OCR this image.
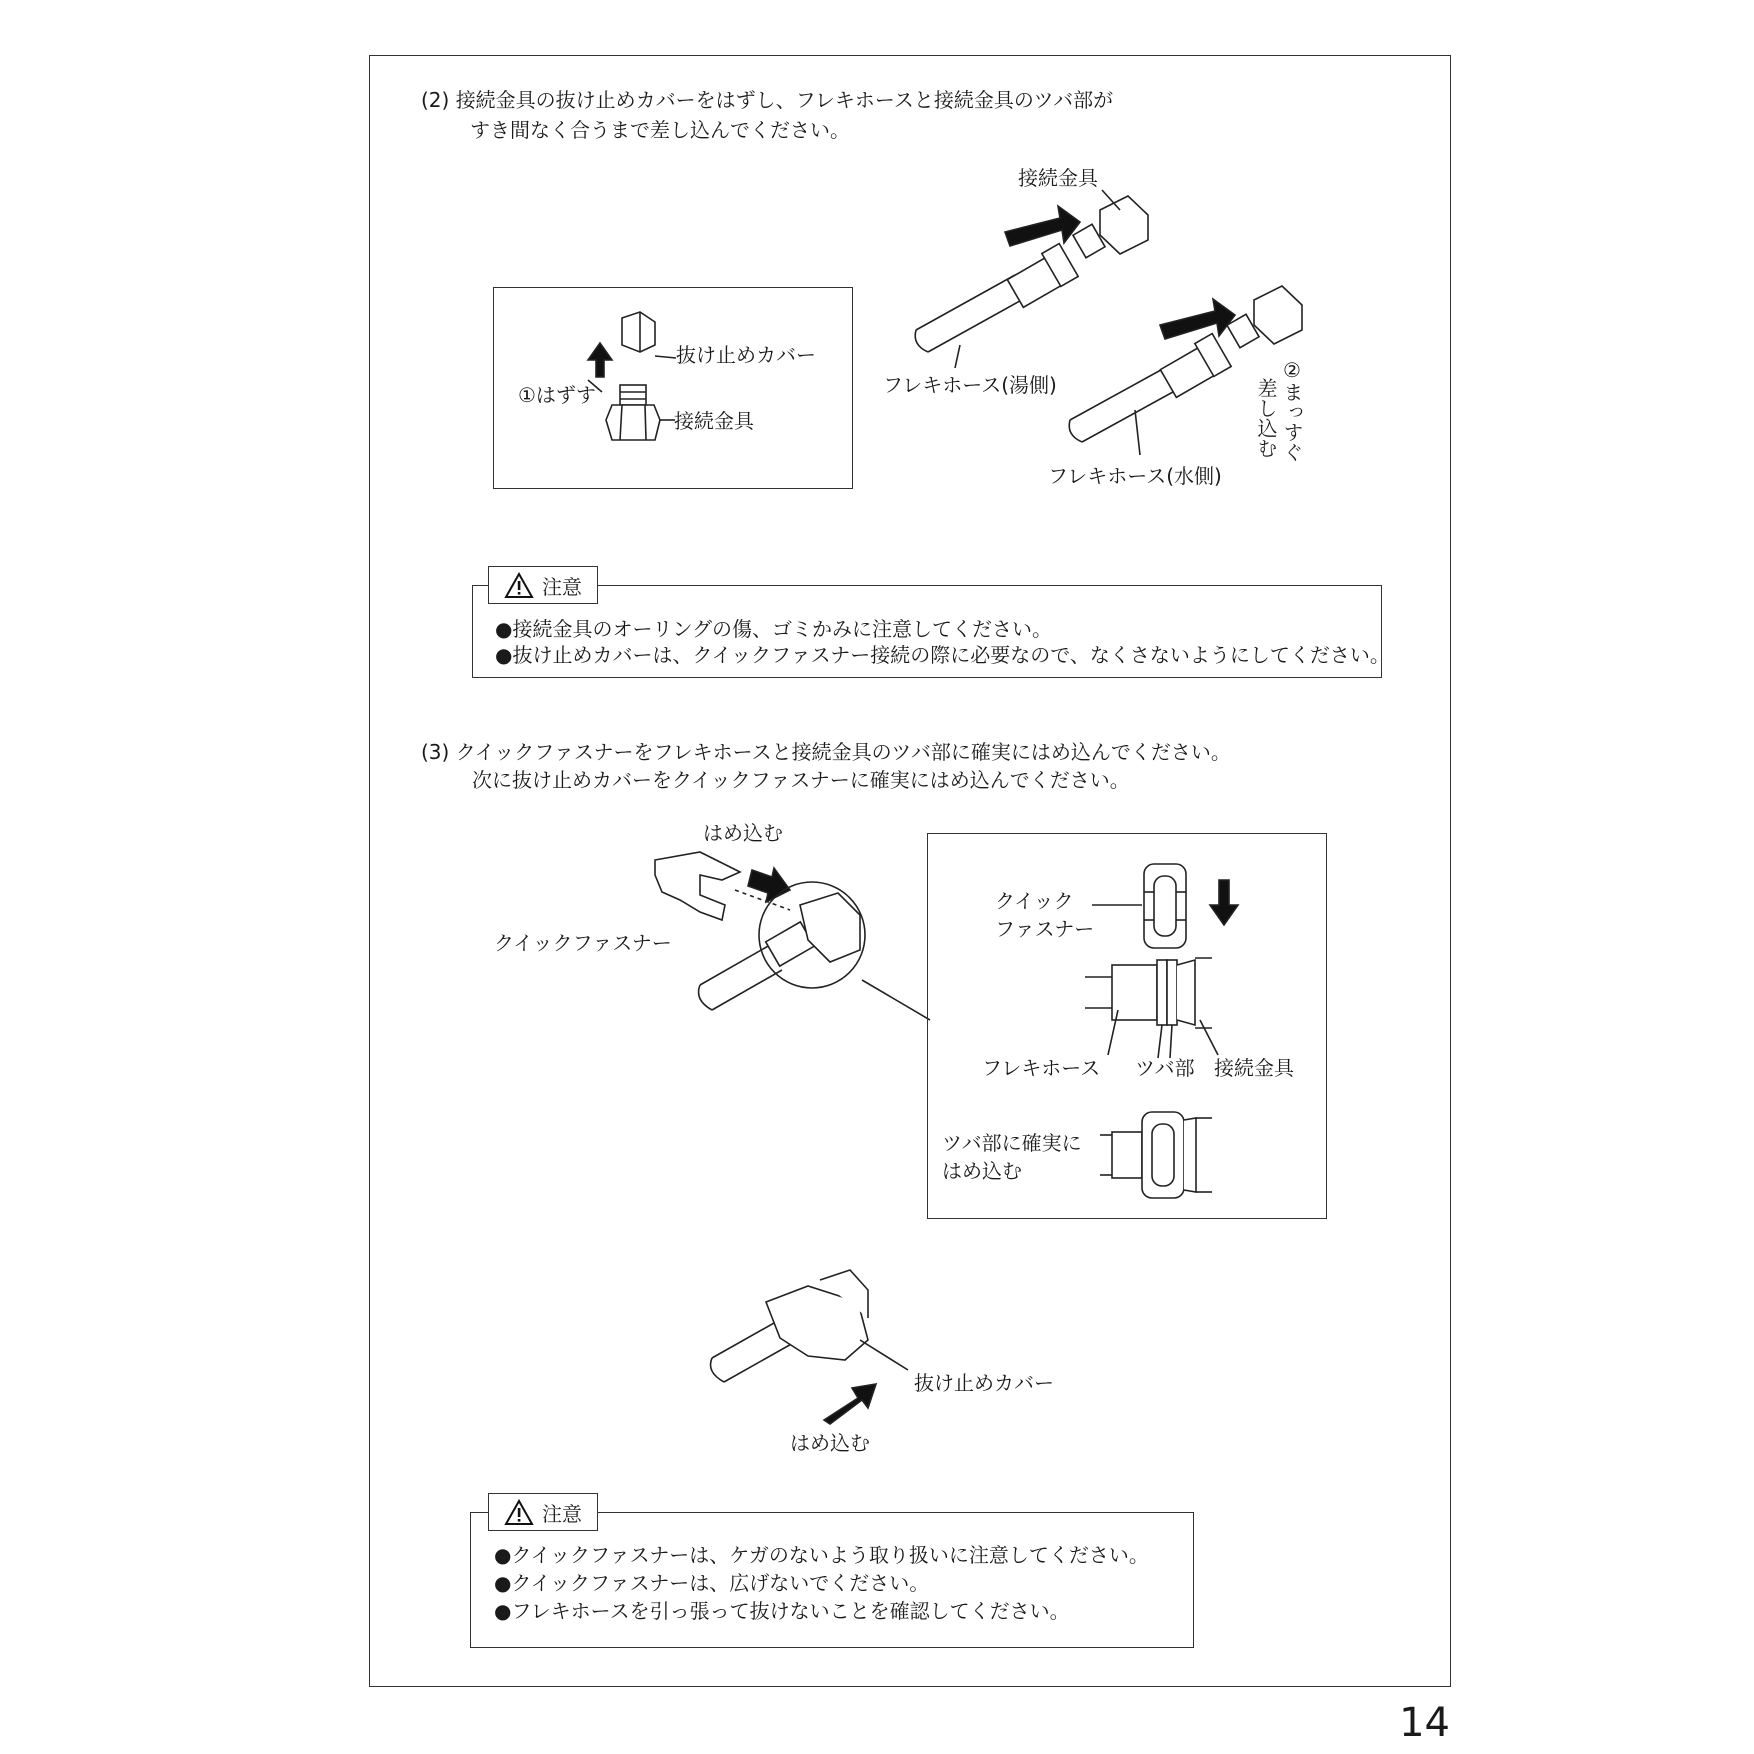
(2) 接続金具の抜け止めカバーをはずし、フレキホースと接続金具のツバ部が
すき間なく合うまで差し込んでください。
抜け止めカバー
①はずす
接続金具
接続金具
フレキホース(湯側)
フレキホース(水側)
②まっすぐ
差し込む
注意
●接続金具のオーリングの傷、ゴミかみに注意してください。
●抜け止めカバーは、クイックファスナー接続の際に必要なので、なくさないようにしてください。
(3) クイックファスナーをフレキホースと接続金具のツバ部に確実にはめ込んでください。
次に抜け止めカバーをクイックファスナーに確実にはめ込んでください。
はめ込む
クイックファスナー
クイック
ファスナー
フレキホース ツバ部 接続金具
ツバ部に確実に
はめ込む
抜け止めカバー
はめ込む
注意
●クイックファスナーは、ケガのないよう取り扱いに注意してください。
●クイックファスナーは、広げないでください。
●フレキホースを引っ張って抜けないことを確認してください。
14
